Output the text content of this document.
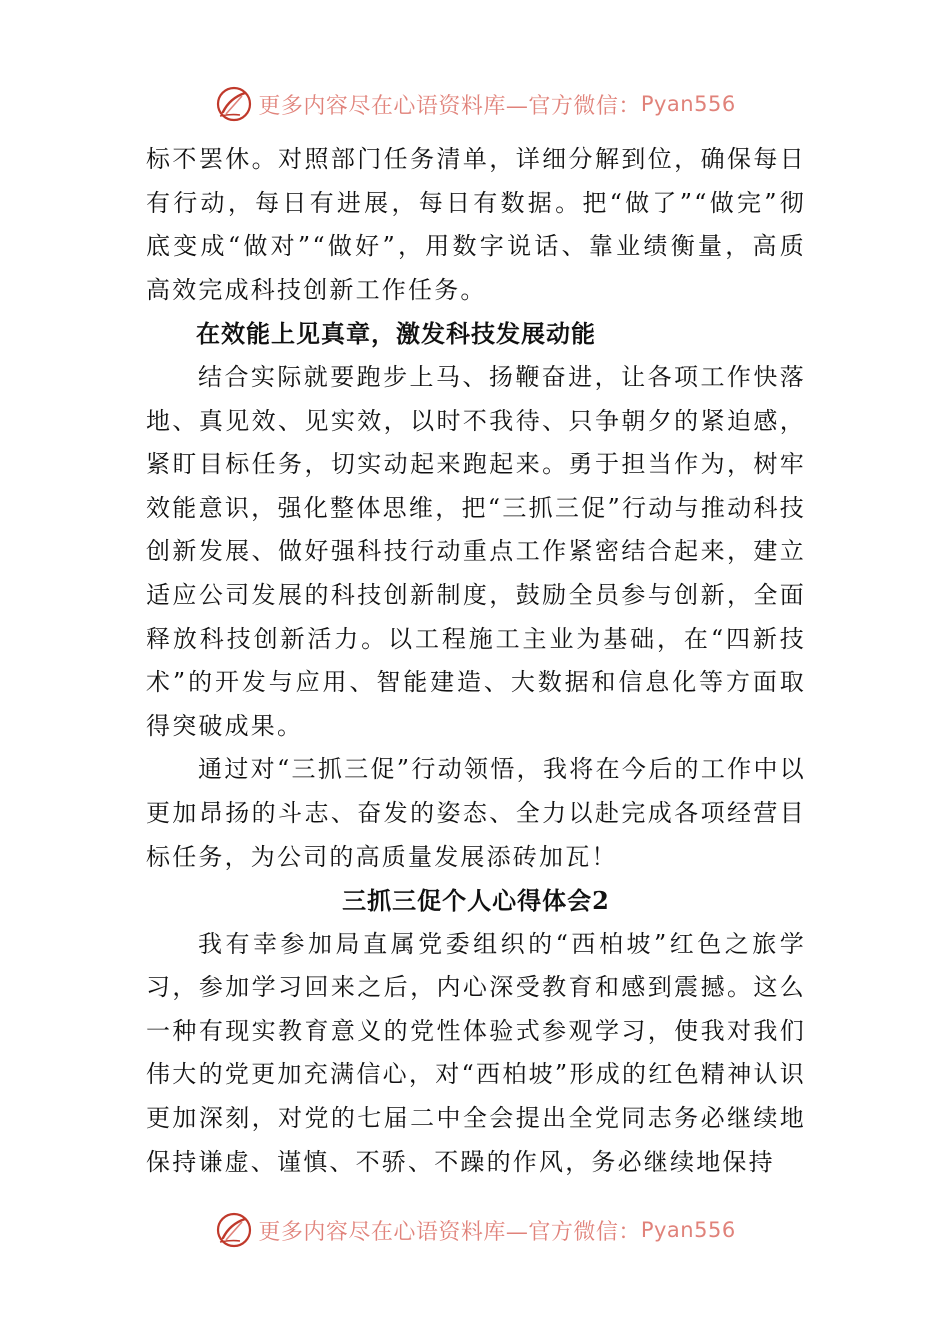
更多内容尽在心语资料库—官方微信： Pyan556

标不罢休。对照部门任务清单，详细分解到位，确保每日有行动，每日有进展，每日有数据。把“做了”“做完”彻底变成“做对”“做好”，用数字说话、靠业绩衡量，高质高效完成科技创新工作任务。

在效能上见真章，激发科技发展动能

结合实际就要跑步上马、扬鞭奋进，让各项工作快落地、真见效、见实效，以时不我待、只争朝夕的紧迫感，紧盯目标任务，切实动起来跑起来。勇于担当作为，树牢效能意识，强化整体思维，把“三抓三促”行动与推动科技创新发展、做好强科技行动重点工作紧密结合起来，建立适应公司发展的科技创新制度，鼓励全员参与创新，全面释放科技创新活力。以工程施工主业为基础，在“四新技术”的开发与应用、智能建造、大数据和信息化等方面取得突破成果。

通过对“三抓三促”行动领悟，我将在今后的工作中以更加昂扬的斗志、奋发的姿态、全力以赴完成各项经营目标任务，为公司的高质量发展添砖加瓦！

三抓三促个人心得体会2

我有幸参加局直属党委组织的“西柏坡”红色之旅学习，参加学习回来之后，内心深受教育和感到震撼。这么一种有现实教育意义的党性体验式参观学习，使我对我们伟大的党更加充满信心，对“西柏坡”形成的红色精神认识更加深刻，对党的七届二中全会提出全党同志务必继续地保持谦虚、谨慎、不骄、不躁的作风，务必继续地保持

更多内容尽在心语资料库—官方微信： Pyan556
